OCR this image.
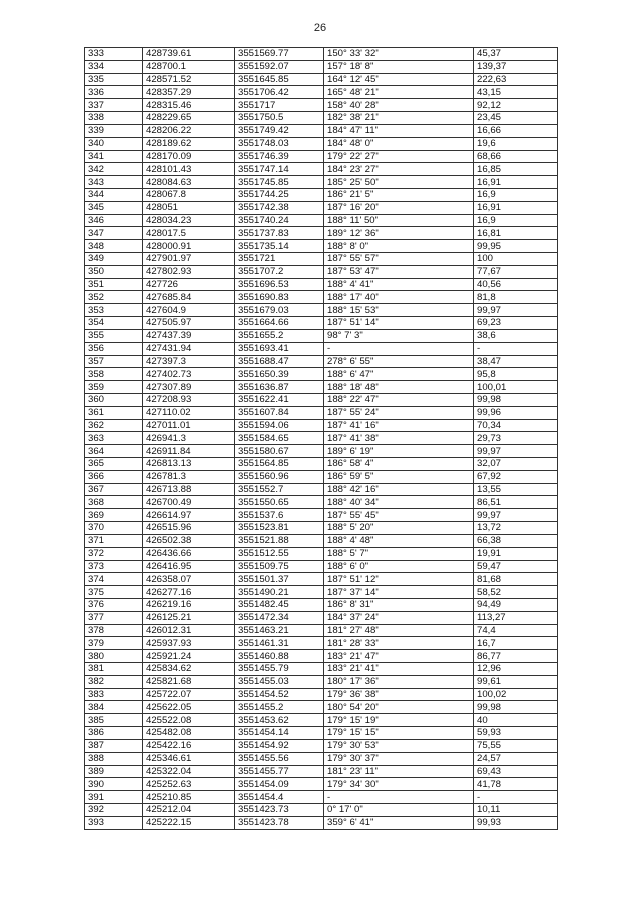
26
333	428739.61	3551569.77	150° 33' 32"	45,37
334	428700.1	3551592.07	157° 18' 8"	139,37
335	428571.52	3551645.85	164° 12' 45"	222,63
336	428357.29	3551706.42	165° 48' 21"	43,15
337	428315.46	3551717	158° 40' 28"	92,12
338	428229.65	3551750.5	182° 38' 21"	23,45
339	428206.22	3551749.42	184° 47' 11"	16,66
340	428189.62	3551748.03	184° 48' 0"	19,6
341	428170.09	3551746.39	179° 22' 27"	68,66
342	428101.43	3551747.14	184° 23' 27"	16,85
343	428084.63	3551745.85	185° 25' 50"	16,91
344	428067.8	3551744.25	186° 21' 5"	16,9
345	428051	3551742.38	187° 16' 20"	16,91
346	428034.23	3551740.24	188° 11' 50"	16,9
347	428017.5	3551737.83	189° 12' 36"	16,81
348	428000.91	3551735.14	188° 8' 0"	99,95
349	427901.97	3551721	187° 55' 57"	100
350	427802.93	3551707.2	187° 53' 47"	77,67
351	427726	3551696.53	188° 4' 41"	40,56
352	427685.84	3551690.83	188° 17' 40"	81,8
353	427604.9	3551679.03	188° 15' 53"	99,97
354	427505.97	3551664.66	187° 51' 14"	69,23
355	427437.39	3551655.2	98° 7' 3"	38,6
356	427431.94	3551693.41	-	-
357	427397.3	3551688.47	278° 6' 55"	38,47
358	427402.73	3551650.39	188° 6' 47"	95,8
359	427307.89	3551636.87	188° 18' 48"	100,01
360	427208.93	3551622.41	188° 22' 47"	99,98
361	427110.02	3551607.84	187° 55' 24"	99,96
362	427011.01	3551594.06	187° 41' 16"	70,34
363	426941.3	3551584.65	187° 41' 38"	29,73
364	426911.84	3551580.67	189° 6' 19"	99,97
365	426813.13	3551564.85	186° 58' 4"	32,07
366	426781.3	3551560.96	186° 59' 5"	67,92
367	426713.88	3551552.7	188° 42' 16"	13,55
368	426700.49	3551550.65	188° 40' 34"	86,51
369	426614.97	3551537.6	187° 55' 45"	99,97
370	426515.96	3551523.81	188° 5' 20"	13,72
371	426502.38	3551521.88	188° 4' 48"	66,38
372	426436.66	3551512.55	188° 5' 7"	19,91
373	426416.95	3551509.75	188° 6' 0"	59,47
374	426358.07	3551501.37	187° 51' 12"	81,68
375	426277.16	3551490.21	187° 37' 14"	58,52
376	426219.16	3551482.45	186° 8' 31"	94,49
377	426125.21	3551472.34	184° 37' 24"	113,27
378	426012.31	3551463.21	181° 27' 48"	74,4
379	425937.93	3551461.31	181° 28' 33"	16,7
380	425921.24	3551460.88	183° 21' 47"	86,77
381	425834.62	3551455.79	183° 21' 41"	12,96
382	425821.68	3551455.03	180° 17' 36"	99,61
383	425722.07	3551454.52	179° 36' 38"	100,02
384	425622.05	3551455.2	180° 54' 20"	99,98
385	425522.08	3551453.62	179° 15' 19"	40
386	425482.08	3551454.14	179° 15' 15"	59,93
387	425422.16	3551454.92	179° 30' 53"	75,55
388	425346.61	3551455.56	179° 30' 37"	24,57
389	425322.04	3551455.77	181° 23' 11"	69,43
390	425252.63	3551454.09	179° 34' 30"	41,78
391	425210.85	3551454.4	-	-
392	425212.04	3551423.73	0° 17' 0"	10,11
393	425222.15	3551423.78	359° 6' 41"	99,93
